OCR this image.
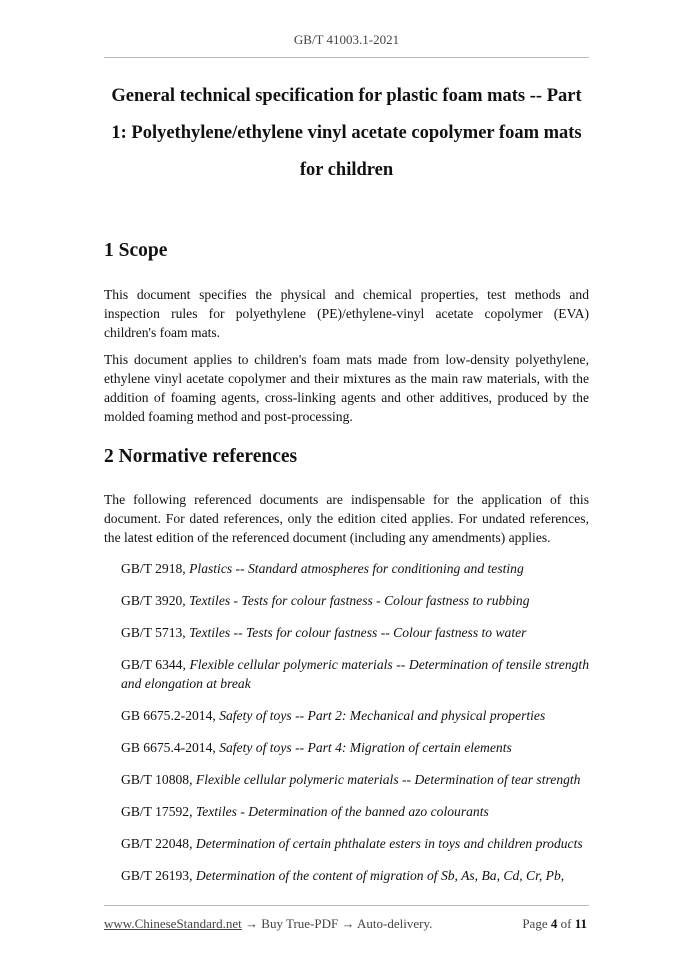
GB/T 41003.1-2021
General technical specification for plastic foam mats -- Part
1: Polyethylene/ethylene vinyl acetate copolymer foam mats
for children
1 Scope
This document specifies the physical and chemical properties, test methods and inspection rules for polyethylene (PE)/ethylene-vinyl acetate copolymer (EVA) children's foam mats.
This document applies to children's foam mats made from low-density polyethylene, ethylene vinyl acetate copolymer and their mixtures as the main raw materials, with the addition of foaming agents, cross-linking agents and other additives, produced by the molded foaming method and post-processing.
2 Normative references
The following referenced documents are indispensable for the application of this document. For dated references, only the edition cited applies. For undated references, the latest edition of the referenced document (including any amendments) applies.
GB/T 2918, Plastics -- Standard atmospheres for conditioning and testing
GB/T 3920, Textiles - Tests for colour fastness - Colour fastness to rubbing
GB/T 5713, Textiles -- Tests for colour fastness -- Colour fastness to water
GB/T 6344, Flexible cellular polymeric materials -- Determination of tensile strength and elongation at break
GB 6675.2-2014, Safety of toys -- Part 2: Mechanical and physical properties
GB 6675.4-2014, Safety of toys -- Part 4: Migration of certain elements
GB/T 10808, Flexible cellular polymeric materials -- Determination of tear strength
GB/T 17592, Textiles - Determination of the banned azo colourants
GB/T 22048, Determination of certain phthalate esters in toys and children products
GB/T 26193, Determination of the content of migration of Sb, As, Ba, Cd, Cr, Pb,
www.ChineseStandard.net → Buy True-PDF → Auto-delivery.	Page 4 of 11
